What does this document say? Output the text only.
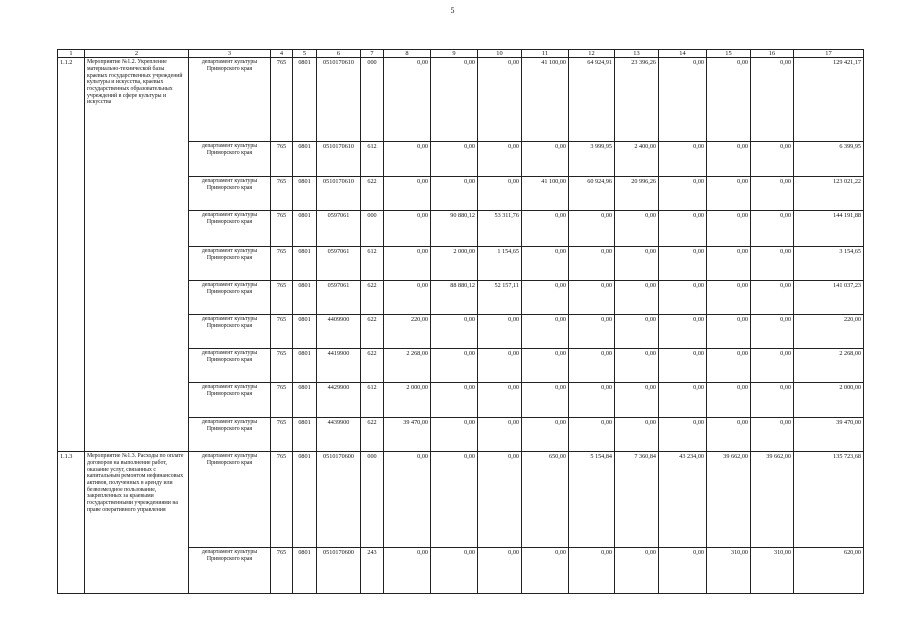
5
1	2	3	4	5	6	7	8	9	10	11	12	13	14	15	16	17
1.1.2	Мероприятие №1.2. Укрепление материально-технической базы краевых государственных учреждений культуры и искусства, краевых государственных образовательных учреждений в сфере культуры и искусства	департамент культуры Приморского края	765	0801	0510170610	000	0,00	0,00	0,00	41 100,00	64 924,91	23 396,26	0,00	0,00	0,00	129 421,17
		департамент культуры Приморского края	765	0801	0510170610	612	0,00	0,00	0,00	0,00	3 999,95	2 400,00	0,00	0,00	0,00	6 399,95
		департамент культуры Приморского края	765	0801	0510170610	622	0,00	0,00	0,00	41 100,00	60 924,96	20 996,26	0,00	0,00	0,00	123 021,22
		департамент культуры Приморского края	765	0801	0597061	000	0,00	90 880,12	53 311,76	0,00	0,00	0,00	0,00	0,00	0,00	144 191,88
		департамент культуры Приморского края	765	0801	0597061	612	0,00	2 000,00	1 154,65	0,00	0,00	0,00	0,00	0,00	0,00	3 154,65
		департамент культуры Приморского края	765	0801	0597061	622	0,00	88 880,12	52 157,11	0,00	0,00	0,00	0,00	0,00	0,00	141 037,23
		департамент культуры Приморского края	765	0801	4409900	622	220,00	0,00	0,00	0,00	0,00	0,00	0,00	0,00	0,00	220,00
		департамент культуры Приморского края	765	0801	4419900	622	2 268,00	0,00	0,00	0,00	0,00	0,00	0,00	0,00	0,00	2 268,00
		департамент культуры Приморского края	765	0801	4429900	612	2 000,00	0,00	0,00	0,00	0,00	0,00	0,00	0,00	0,00	2 000,00
		департамент культуры Приморского края	765	0801	4439900	622	39 470,00	0,00	0,00	0,00	0,00	0,00	0,00	0,00	0,00	39 470,00
1.1.3	Мероприятие №1.3. Расходы по оплате договоров на выполнение работ, оказание услуг, связанных с капитальным ремонтом нефинансовых активов, полученных в аренду или безвозмездное пользование, закрепленных за краевыми государственными учреждениями на праве оперативного управления	департамент культуры Приморского края	765	0801	0510170600	000	0,00	0,00	0,00	650,00	5 154,84	7 360,84	43 234,00	39 662,00	39 662,00	135 723,68
		департамент культуры Приморского края	765	0801	0510170600	243	0,00	0,00	0,00	0,00	0,00	0,00	0,00	310,00	310,00	620,00
